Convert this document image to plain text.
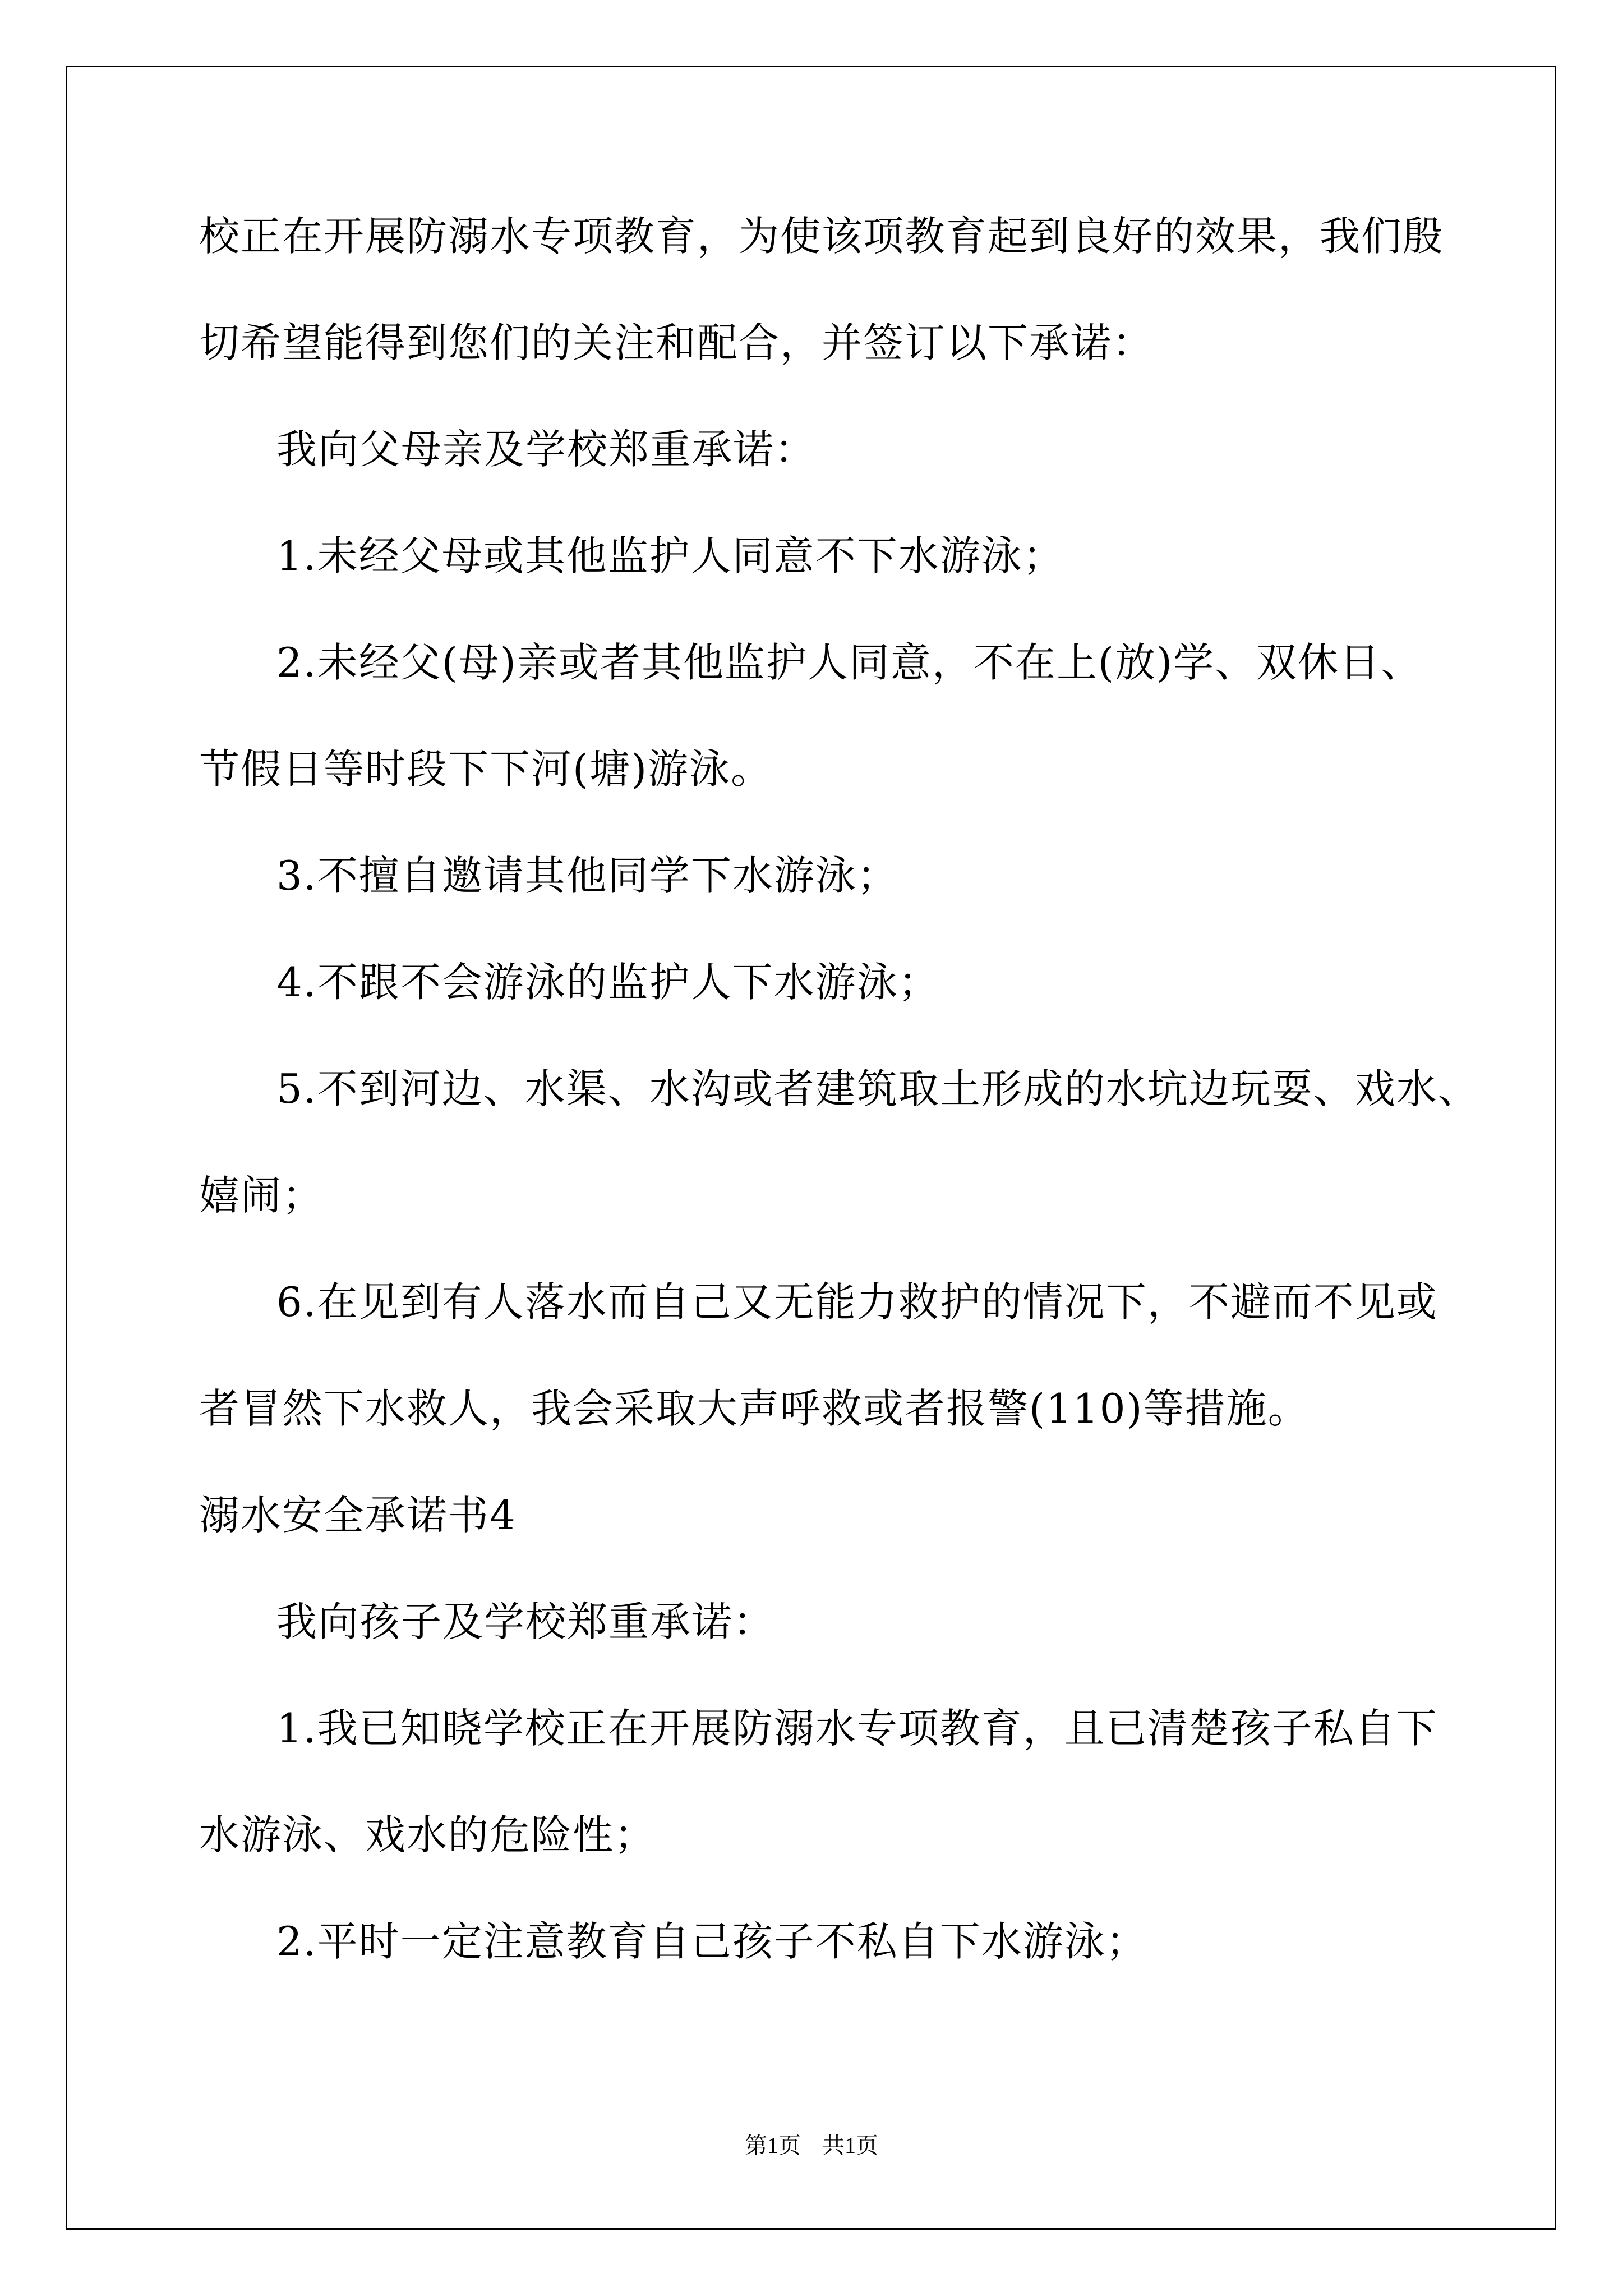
校正在开展防溺水专项教育，为使该项教育起到良好的效果，我们殷
切希望能得到您们的关注和配合，并签订以下承诺：
我向父母亲及学校郑重承诺：
1.未经父母或其他监护人同意不下水游泳；
2.未经父(母)亲或者其他监护人同意，不在上(放)学、双休日、
节假日等时段下下河(塘)游泳。
3.不擅自邀请其他同学下水游泳；
4.不跟不会游泳的监护人下水游泳；
5.不到河边、水渠、水沟或者建筑取土形成的水坑边玩耍、戏水、
嬉闹；
6.在见到有人落水而自己又无能力救护的情况下，不避而不见或
者冒然下水救人，我会采取大声呼救或者报警(110)等措施。
溺水安全承诺书4
我向孩子及学校郑重承诺：
1.我已知晓学校正在开展防溺水专项教育，且已清楚孩子私自下
水游泳、戏水的危险性；
2.平时一定注意教育自己孩子不私自下水游泳；
第1页 共1页
